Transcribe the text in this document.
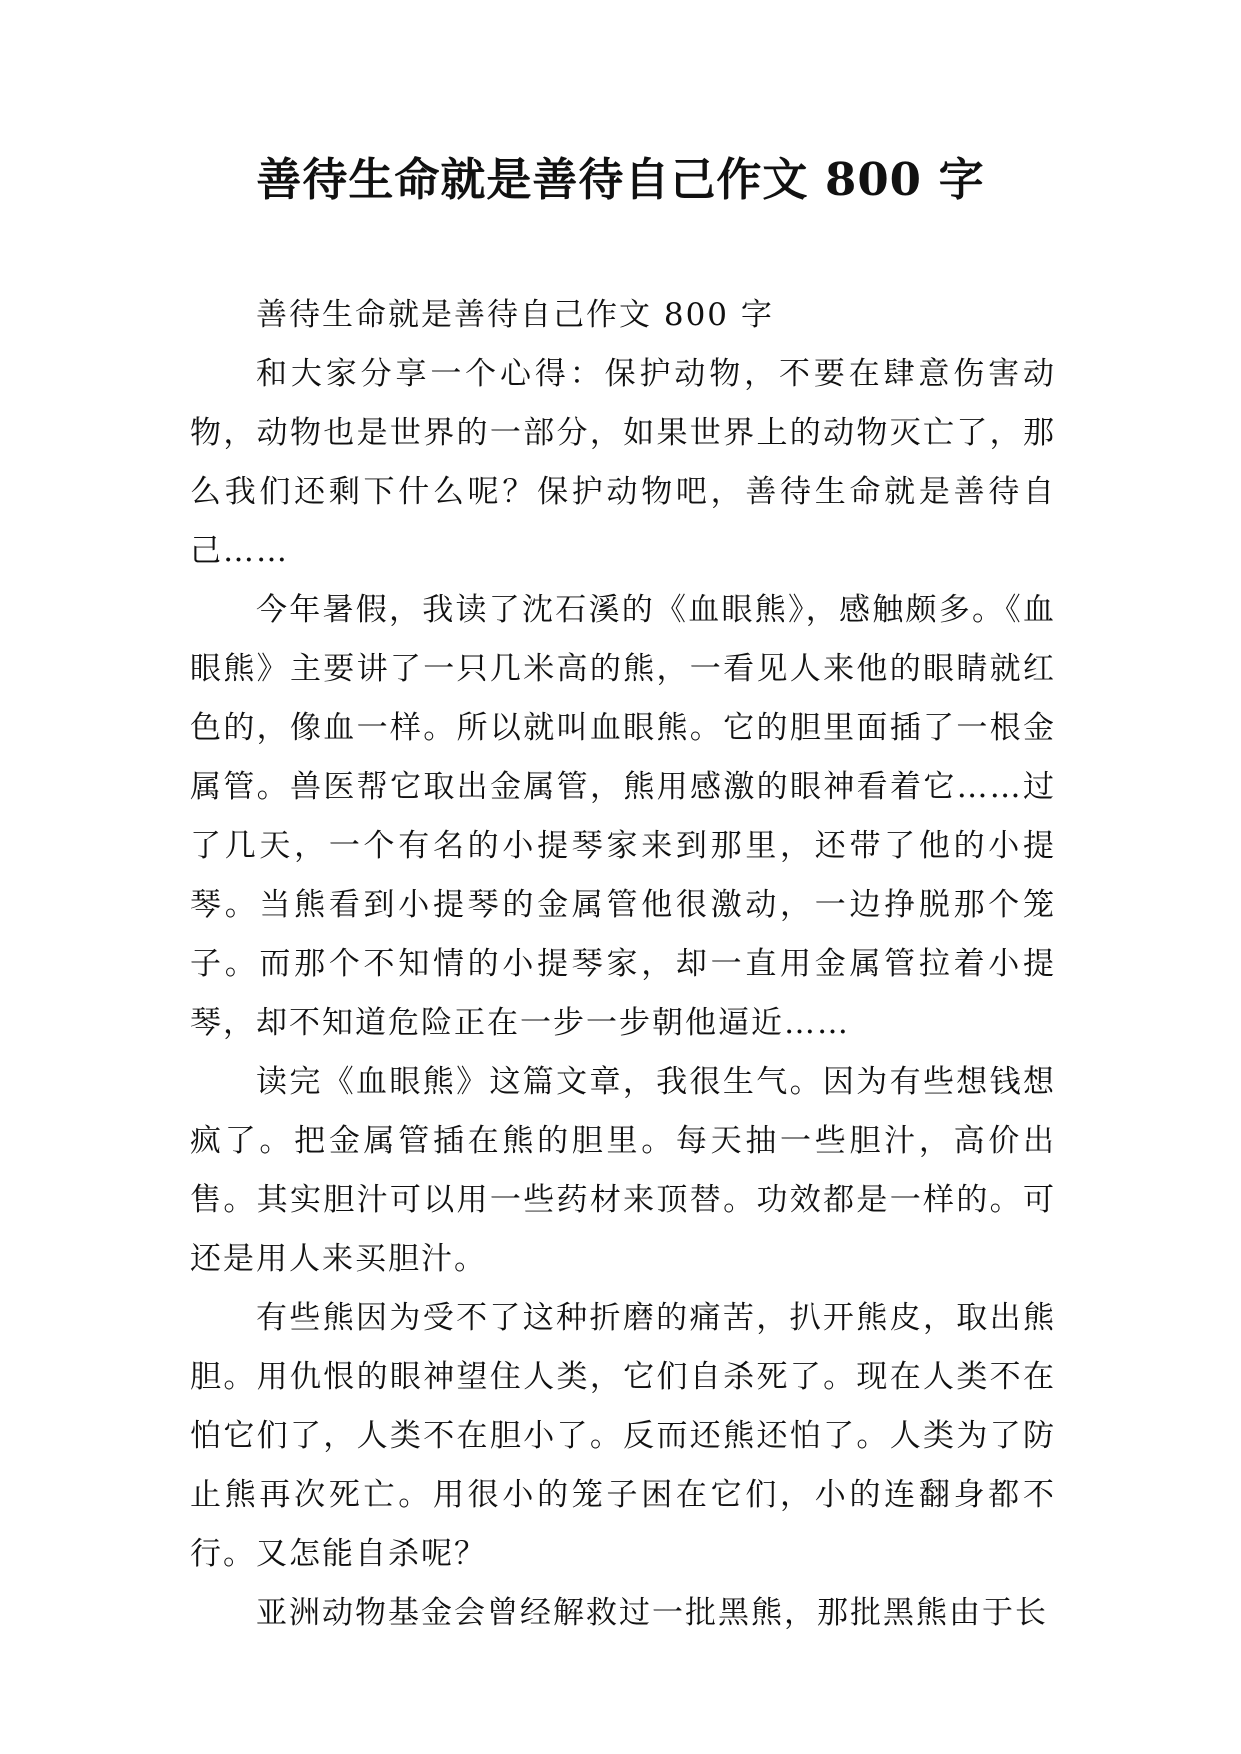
善待生命就是善待自己作文 800 字

善待生命就是善待自己作文 800 字

和大家分享一个心得：保护动物，不要在肆意伤害动物，动物也是世界的一部分，如果世界上的动物灭亡了，那么我们还剩下什么呢？保护动物吧，善待生命就是善待自己……

今年暑假，我读了沈石溪的《血眼熊》，感触颇多。《血眼熊》主要讲了一只几米高的熊，一看见人来他的眼睛就红色的，像血一样。所以就叫血眼熊。它的胆里面插了一根金属管。兽医帮它取出金属管，熊用感激的眼神看着它……过了几天，一个有名的小提琴家来到那里，还带了他的小提琴。当熊看到小提琴的金属管他很激动，一边挣脱那个笼子。而那个不知情的小提琴家，却一直用金属管拉着小提琴，却不知道危险正在一步一步朝他逼近……

读完《血眼熊》这篇文章，我很生气。因为有些想钱想疯了。把金属管插在熊的胆里。每天抽一些胆汁，高价出售。其实胆汁可以用一些药材来顶替。功效都是一样的。可还是用人来买胆汁。

有些熊因为受不了这种折磨的痛苦，扒开熊皮，取出熊胆。用仇恨的眼神望住人类，它们自杀死了。现在人类不在怕它们了，人类不在胆小了。反而还熊还怕了。人类为了防止熊再次死亡。用很小的笼子困在它们，小的连翻身都不行。又怎能自杀呢？

亚洲动物基金会曾经解救过一批黑熊，那批黑熊由于长
